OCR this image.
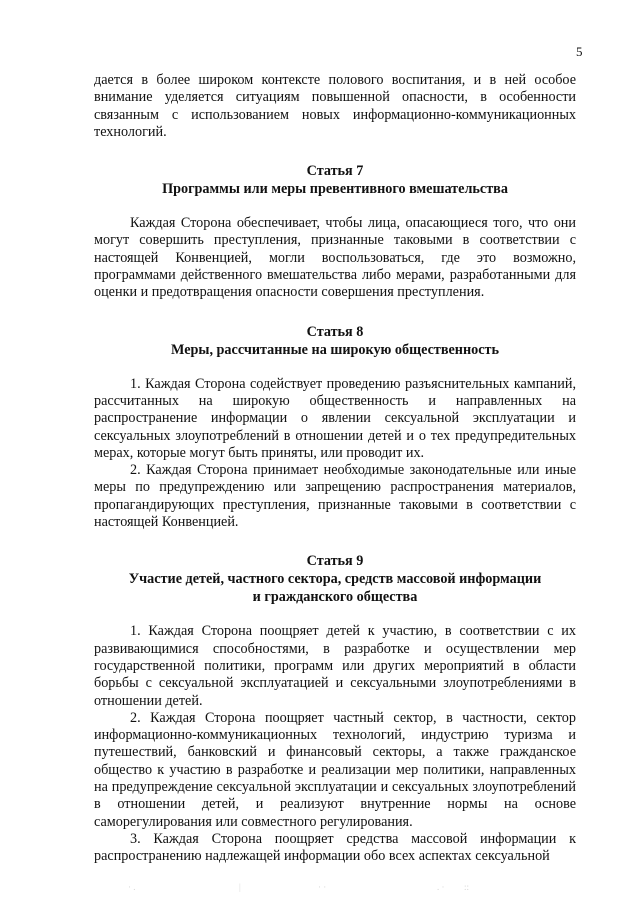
5

дается в более широком контексте полового воспитания, и в ней особое внимание уделяется ситуациям повышенной опасности, в особенности связанным с использованием новых информационно-коммуникационных технологий.

Статья 7

Программы или меры превентивного вмешательства

Каждая Сторона обеспечивает, чтобы лица, опасающиеся того, что они могут совершить преступления, признанные таковыми в соответствии с настоящей Конвенцией, могли воспользоваться, где это возможно, программами действенного вмешательства либо мерами, разработанными для оценки и предотвращения опасности совершения преступления.

Статья 8

Меры, рассчитанные на широкую общественность

1. Каждая Сторона содействует проведению разъяснительных кампаний, рассчитанных на широкую общественность и направленных на распространение информации о явлении сексуальной эксплуатации и сексуальных злоупотреблений в отношении детей и о тех предупредительных мерах, которые могут быть приняты, или проводит их.

2. Каждая Сторона принимает необходимые законодательные или иные меры по предупреждению или запрещению распространения материалов, пропагандирующих преступления, признанные таковыми в соответствии с настоящей Конвенцией.

Статья 9

Участие детей, частного сектора, средств массовой информации

и гражданского общества

1. Каждая Сторона поощряет детей к участию, в соответствии с их развивающимися способностями, в разработке и осуществлении мер государственной политики, программ или других мероприятий в области борьбы с сексуальной эксплуатацией и сексуальными злоупотреблениями в отношении детей.

2. Каждая Сторона поощряет частный сектор, в частности, сектор информационно-коммуникационных технологий, индустрию туризма и путешествий, банковский и финансовый секторы, а также гражданское общество к участию в разработке и реализации мер политики, направленных на предупреждение сексуальной эксплуатации и сексуальных злоупотреблений в отношении детей, и реализуют внутренние нормы на основе саморегулирования или совместного регулирования.

3. Каждая Сторона поощряет средства массовой информации к распространению надлежащей информации обо всех аспектах сексуальной

· .	|	· ·	. · ::
